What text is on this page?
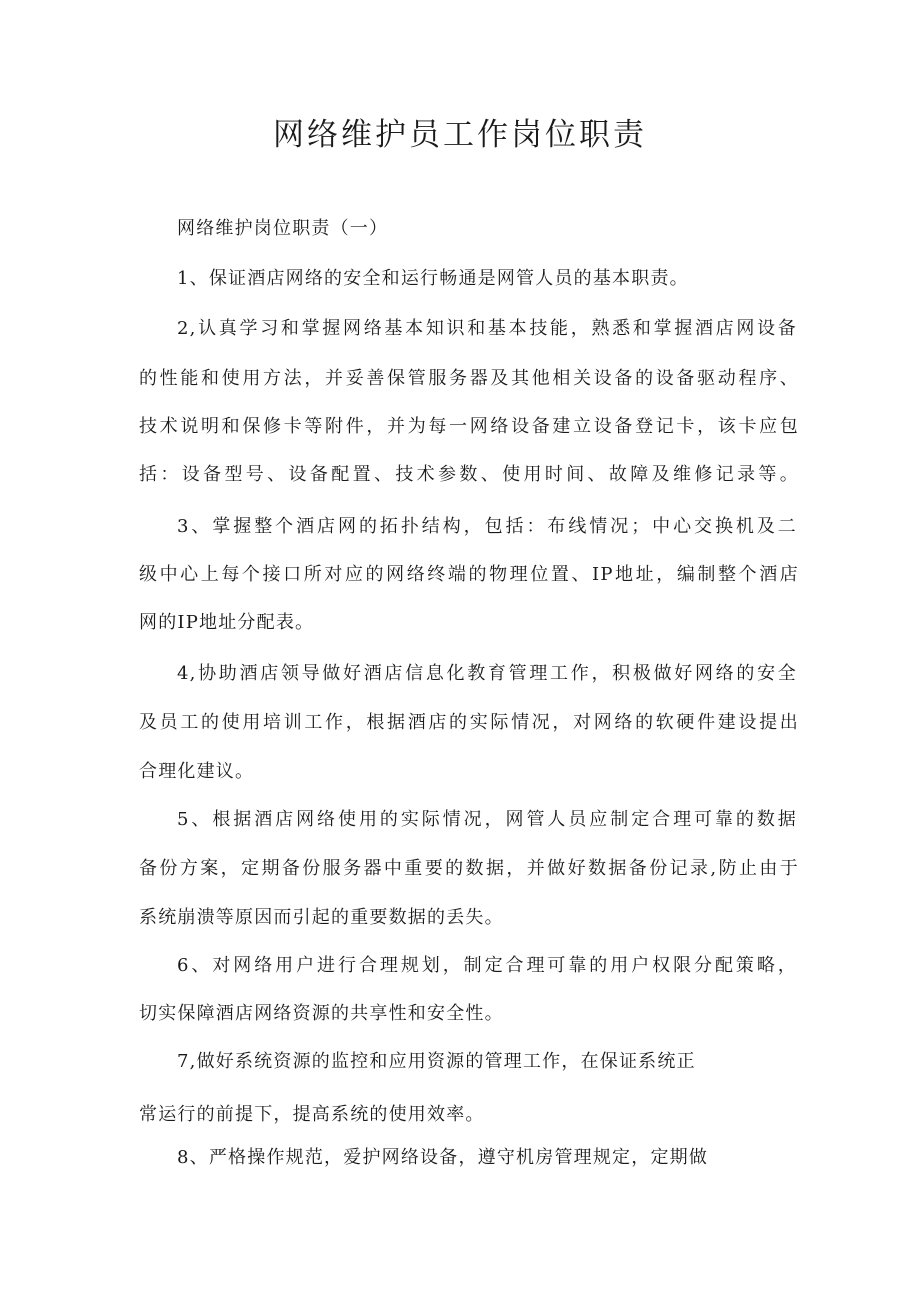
网络维护员工作岗位职责

网络维护岗位职责（一）

1、保证酒店网络的安全和运行畅通是网管人员的基本职责。

2,认真学习和掌握网络基本知识和基本技能，熟悉和掌握酒店网设备

的性能和使用方法，并妥善保管服务器及其他相关设备的设备驱动程序、

技术说明和保修卡等附件，并为每一网络设备建立设备登记卡，该卡应包

括：设备型号、设备配置、技术参数、使用时间、故障及维修记录等。

3、掌握整个酒店网的拓扑结构，包括：布线情况；中心交换机及二

级中心上每个接口所对应的网络终端的物理位置、IP地址，编制整个酒店

网的IP地址分配表。

4,协助酒店领导做好酒店信息化教育管理工作，积极做好网络的安全

及员工的使用培训工作，根据酒店的实际情况，对网络的软硬件建设提出

合理化建议。

5、根据酒店网络使用的实际情况，网管人员应制定合理可靠的数据

备份方案，定期备份服务器中重要的数据，并做好数据备份记录,防止由于

系统崩溃等原因而引起的重要数据的丢失。

6、对网络用户进行合理规划，制定合理可靠的用户权限分配策略，

切实保障酒店网络资源的共享性和安全性。

7,做好系统资源的监控和应用资源的管理工作，在保证系统正

常运行的前提下，提高系统的使用效率。

8、严格操作规范，爱护网络设备，遵守机房管理规定，定期做
